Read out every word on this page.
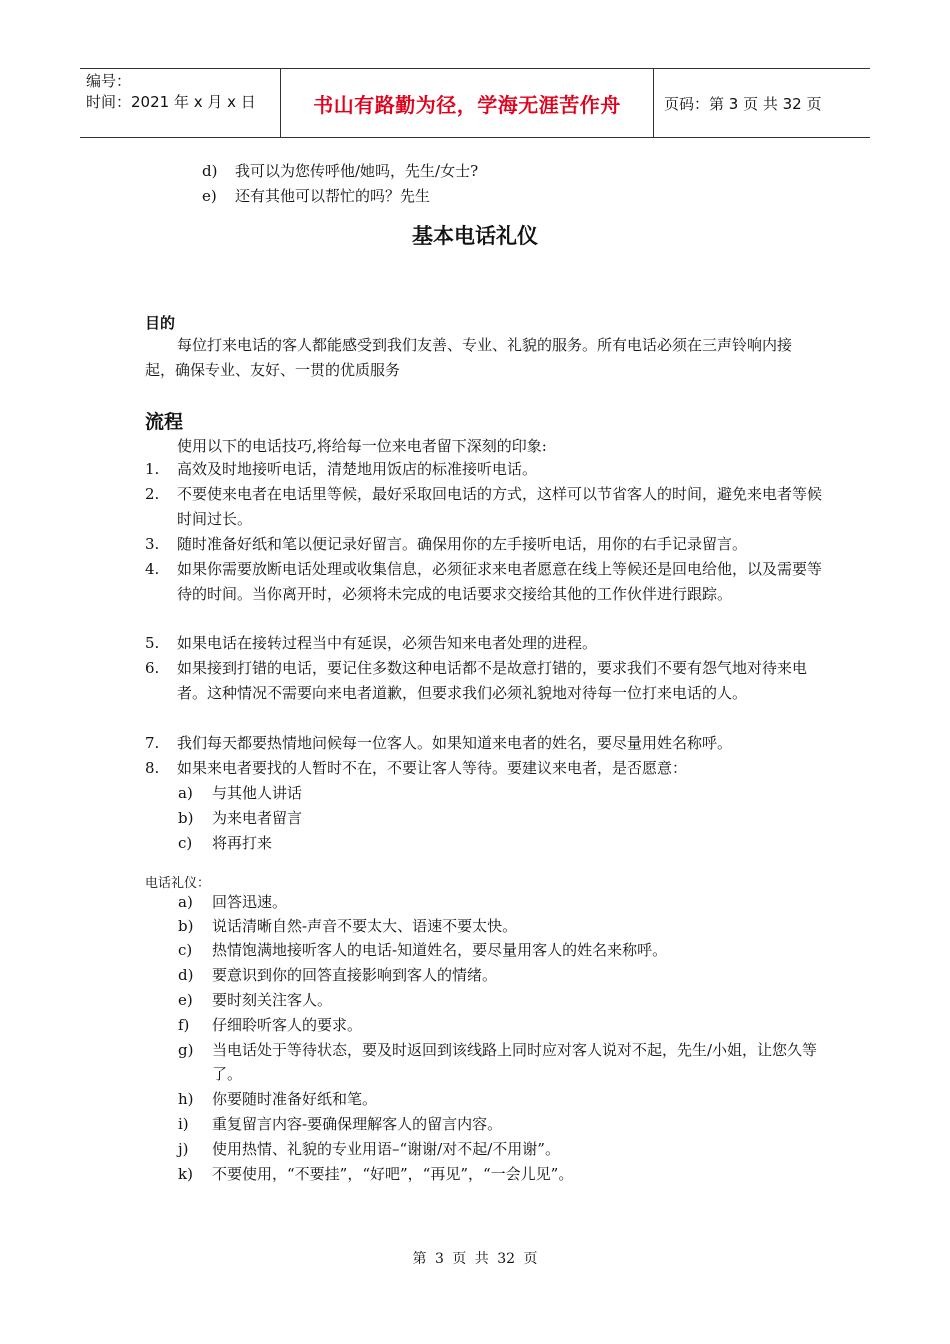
编号：
时间：2021 年 x 月 x 日	书山有路勤为径，学海无涯苦作舟	页码：第 3 页 共 32 页
d) 我可以为您传呼他/她吗，先生/女士?
e) 还有其他可以帮忙的吗？先生
基本电话礼仪
目的

每位打来电话的客人都能感受到我们友善、专业、礼貌的服务。所有电话必须在三声铃响内接起，确保专业、友好、一贯的优质服务

流程
使用以下的电话技巧,将给每一位来电者留下深刻的印象:
1.	高效及时地接听电话，清楚地用饭店的标准接听电话。
2.	不要使来电者在电话里等候，最好采取回电话的方式，这样可以节省客人的时间，避免来电者等候时间过长。
3.	随时准备好纸和笔以便记录好留言。确保用你的左手接听电话，用你的右手记录留言。
4.	如果你需要放断电话处理或收集信息，必须征求来电者愿意在线上等候还是回电给他，以及需要等待的时间。当你离开时，必须将未完成的电话要求交接给其他的工作伙伴进行跟踪。
5.	如果电话在接转过程当中有延误，必须告知来电者处理的进程。
6.	如果接到打错的电话，要记住多数这种电话都不是故意打错的，要求我们不要有怨气地对待来电者。这种情况不需要向来电者道歉，但要求我们必须礼貌地对待每一位打来电话的人。
7.	我们每天都要热情地问候每一位客人。如果知道来电者的姓名，要尽量用姓名称呼。
8.	如果来电者要找的人暂时不在，不要让客人等待。要建议来电者，是否愿意：
a) 与其他人讲话
b) 为来电者留言
c) 将再打来
电话礼仪：
a)	回答迅速。
b)	说话清晰自然-声音不要太大、语速不要太快。
c)	热情饱满地接听客人的电话-知道姓名，要尽量用客人的姓名来称呼。
d)	要意识到你的回答直接影响到客人的情绪。
e)	要时刻关注客人。
f)	仔细聆听客人的要求。
g)	当电话处于等待状态，要及时返回到该线路上同时应对客人说对不起，先生/小姐，让您久等了。
h)	你要随时准备好纸和笔。
i)	重复留言内容-要确保理解客人的留言内容。
j)	使用热情、礼貌的专业用语–“谢谢/对不起/不用谢”。
k)	不要使用，“不要挂”，“好吧”，“再见”，“一会儿见”。
第 3 页 共 32 页
